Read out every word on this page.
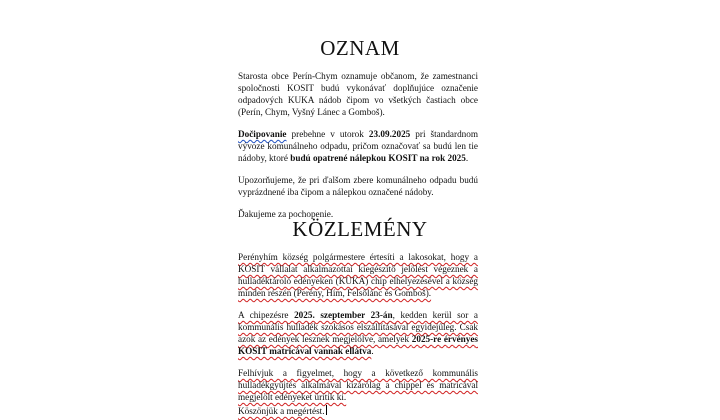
OZNAM

Starosta obce Perín-Chym oznamuje občanom, že zamestnanci spoločnosti KOSIT budú vykonávať doplňujúce označenie odpadových KUKA nádob čipom vo všetkých častiach obce (Perín, Chym, Vyšný Lánec a Gomboš).

Dočipovanie prebehne v utorok 23.09.2025 pri štandardnom vývoze komunálneho odpadu, pričom označovať sa budú len tie nádoby, ktoré budú opatrené nálepkou KOSIT na rok 2025.

Upozorňujeme, že pri ďalšom zbere komunálneho odpadu budú vyprázdnené iba čipom a nálepkou označené nádoby.

Ďakujeme za pochopenie.

KÖZLEMÉNY

Perényhím község polgármestere értesíti a lakosokat, hogy a KOSIT vállalat alkalmazottai kiegészítő jelölést végeznek a hulladéktároló edényeken (KUKA) chip elhelyezésével a község minden részén (Perény, Hím, Felsőlánc és Gomboš).

A chipezésre 2025. szeptember 23-án, kedden kerül sor a kommunális hulladék szokásos elszállításával egyidejűleg. Csak azok az edények lesznek megjelölve, amelyek 2025-re érvényes KOSIT matricával vannak ellátva.

Felhívjuk a figyelmet, hogy a következő kommunális hulladékgyűjtés alkalmával kizárólag a chippel és matricával megjelölt edényeket ürítik ki.

Köszönjük a megértést.
